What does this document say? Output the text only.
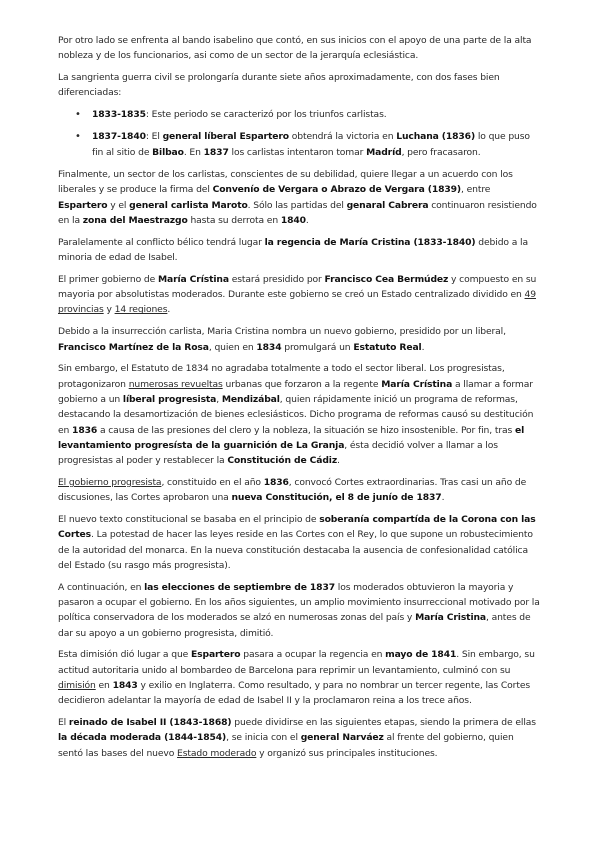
Por otro lado se enfrenta al bando isabelino que contó, en sus inicios con el apoyo de una parte de la alta nobleza y de los funcionarios, asi como de un sector de la jerarquía eclesiástica.

La sangrienta guerra civil se prolongaría durante siete años aproximadamente, con dos fases bien diferenciadas:

• 1833-1835: Este periodo se caracterizó por los triunfos carlistas.
• 1837-1840: El general líberal Espartero obtendrá la victoria en Luchana (1836) lo que puso fin al sitio de Bilbao. En 1837 los carlistas intentaron tomar Madríd, pero fracasaron.

Finalmente, un sector de los carlistas, conscientes de su debilidad, quiere llegar a un acuerdo con los liberales y se produce la firma del Convenío de Vergara o Abrazo de Vergara (1839), entre Espartero y el general carlista Maroto. Sólo las partidas del genaral Cabrera continuaron resistiendo en la zona del Maestrazgo hasta su derrota en 1840.

Paralelamente al conflicto bélico tendrá lugar la regencia de María Cristina (1833-1840) debido a la minoria de edad de Isabel.

El primer gobierno de María Crístina estará presidido por Francisco Cea Bermúdez y compuesto en su mayoria por absolutistas moderados. Durante este gobierno se creó un Estado centralizado dividido en 49 provincias y 14 regiones.

Debido a la insurrección carlista, Maria Cristina nombra un nuevo gobierno, presidido por un liberal, Francisco Martínez de la Rosa, quien en 1834 promulgará un Estatuto Real.

Sin embargo, el Estatuto de 1834 no agradaba totalmente a todo el sector liberal. Los progresistas, protagonizaron numerosas revueltas urbanas que forzaron a la regente María Crístina a llamar a formar gobierno a un líberal progresista, Mendizábal, quien rápidamente inició un programa de reformas, destacando la desamortización de bienes eclesiásticos. Dicho programa de reformas causó su destitución en 1836 a causa de las presiones del clero y la nobleza, la situación se hizo insostenible. Por fin, tras el levantamiento progresísta de la guarnición de La Granja, ésta decidió volver a llamar a los progresistas al poder y restablecer la Constitución de Cádiz.

El gobierno progresista, constituido en el año 1836, convocó Cortes extraordinarias. Tras casi un año de discusiones, las Cortes aprobaron una nueva Constitución, el 8 de junío de 1837.

El nuevo texto constitucional se basaba en el principio de soberanía compartída de la Corona con las Cortes. La potestad de hacer las leyes reside en las Cortes con el Rey, lo que supone un robustecimiento de la autoridad del monarca. En la nueva constitución destacaba la ausencia de confesionalidad católica del Estado (su rasgo más progresista).

A continuación, en las elecciones de septiembre de 1837 los moderados obtuvieron la mayoria y pasaron a ocupar el gobierno. En los años siguientes, un amplio movimiento insurreccional motivado por la política conservadora de los moderados se alzó en numerosas zonas del país y María Cristina, antes de dar su apoyo a un gobierno progresista, dimitió.

Esta dimisión dió lugar a que Espartero pasara a ocupar la regencia en mayo de 1841. Sin embargo, su actitud autoritaria unido al bombardeo de Barcelona para reprimir un levantamiento, culminó con su dimisión en 1843 y exilio en Inglaterra. Como resultado, y para no nombrar un tercer regente, las Cortes decidieron adelantar la mayoría de edad de Isabel II y la proclamaron reina a los trece años.

El reinado de Isabel II (1843-1868) puede dividirse en las siguientes etapas, siendo la primera de ellas la década moderada (1844-1854), se inicia con el general Narváez al frente del gobierno, quien sentó las bases del nuevo Estado moderado y organizó sus principales instituciones.
